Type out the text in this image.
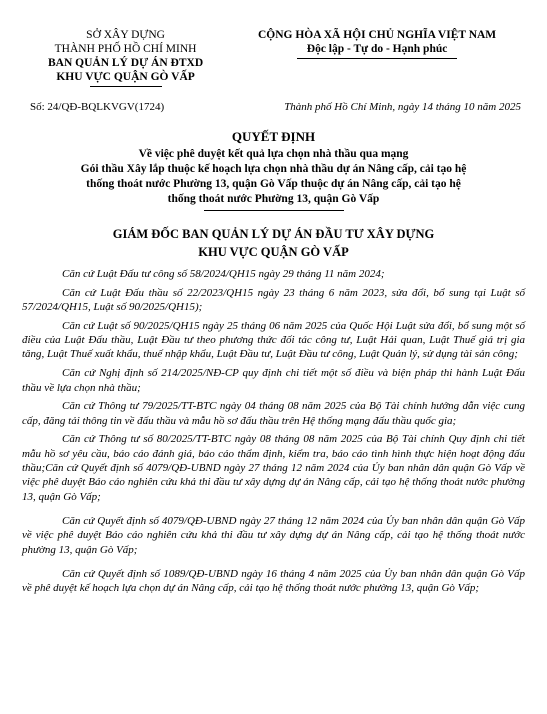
SỞ XÂY DỰNG
THÀNH PHỐ HỒ CHÍ MINH
BAN QUẢN LÝ DỰ ÁN ĐTXD
KHU VỰC QUẬN GÒ VẤP
CỘNG HÒA XÃ HỘI CHỦ NGHĨA VIỆT NAM
Độc lập - Tự do - Hạnh phúc
Số: 24/QĐ-BQLKVGV(1724)	Thành phố Hồ Chí Minh, ngày 14 tháng 10 năm 2025
QUYẾT ĐỊNH
Về việc phê duyệt kết quả lựa chọn nhà thầu qua mạng
Gói thầu Xây lắp thuộc kế hoạch lựa chọn nhà thầu dự án Nâng cấp, cải tạo hệ
thống thoát nước Phường 13, quận Gò Vấp thuộc dự án Nâng cấp, cải tạo hệ
thống thoát nước Phường 13, quận Gò Vấp
GIÁM ĐỐC BAN QUẢN LÝ DỰ ÁN ĐẦU TƯ XÂY DỰNG
KHU VỰC QUẬN GÒ VẤP

Căn cứ Luật Đấu tư công số 58/2024/QH15 ngày 29 tháng 11 năm 2024;

Căn cứ Luật Đấu thầu số 22/2023/QH15 ngày 23 tháng 6 năm 2023, sửa đổi, bổ sung tại Luật số 57/2024/QH15, Luật số 90/2025/QH15);

Căn cứ Luật số 90/2025/QH15 ngày 25 tháng 06 năm 2025 của Quốc Hội Luật sửa đổi, bổ sung một số điều của Luật Đấu thầu, Luật Đầu tư theo phương thức đối tác công tư, Luật Hải quan, Luật Thuế giá trị gia tăng, Luật Thuế xuất khẩu, thuế nhập khẩu, Luật Đầu tư, Luật Đầu tư công, Luật Quản lý, sử dụng tài sản công;

Căn cứ Nghị định số 214/2025/NĐ-CP quy định chi tiết một số điều và biện pháp thi hành Luật Đấu thầu về lựa chọn nhà thầu;

Căn cứ Thông tư 79/2025/TT-BTC ngày 04 tháng 08 năm 2025 của Bộ Tài chính hướng dẫn việc cung cấp, đăng tải thông tin về đấu thầu và mẫu hồ sơ đấu thầu trên Hệ thống mạng đấu thầu quốc gia;

Căn cứ Thông tư số 80/2025/TT-BTC ngày 08 tháng 08 năm 2025 của Bộ Tài chính Quy định chi tiết mẫu hồ sơ yêu cầu, báo cáo đánh giá, báo cáo thẩm định, kiểm tra, báo cáo tình hình thực hiện hoạt động đấu thầu;Căn cứ Quyết định số 4079/QĐ-UBND ngày 27 tháng 12 năm 2024 của Ủy ban nhân dân quận Gò Vấp về việc phê duyệt Báo cáo nghiên cứu khả thi đầu tư xây dựng dự án Nâng cấp, cải tạo hệ thống thoát nước phường 13, quận Gò Vấp;

Căn cứ Quyết định số 4079/QĐ-UBND ngày 27 tháng 12 năm 2024 của Ủy ban nhân dân quận Gò Vấp về việc phê duyệt Báo cáo nghiên cứu khả thi đầu tư xây dựng dự án Nâng cấp, cải tạo hệ thống thoát nước phường 13, quận Gò Vấp;

Căn cứ Quyết định số 1089/QĐ-UBND ngày 16 tháng 4 năm 2025 của Ủy ban nhân dân quận Gò Vấp về phê duyệt kế hoạch lựa chọn dự án Nâng cấp, cải tạo hệ thống thoát nước phường 13, quận Gò Vấp;
